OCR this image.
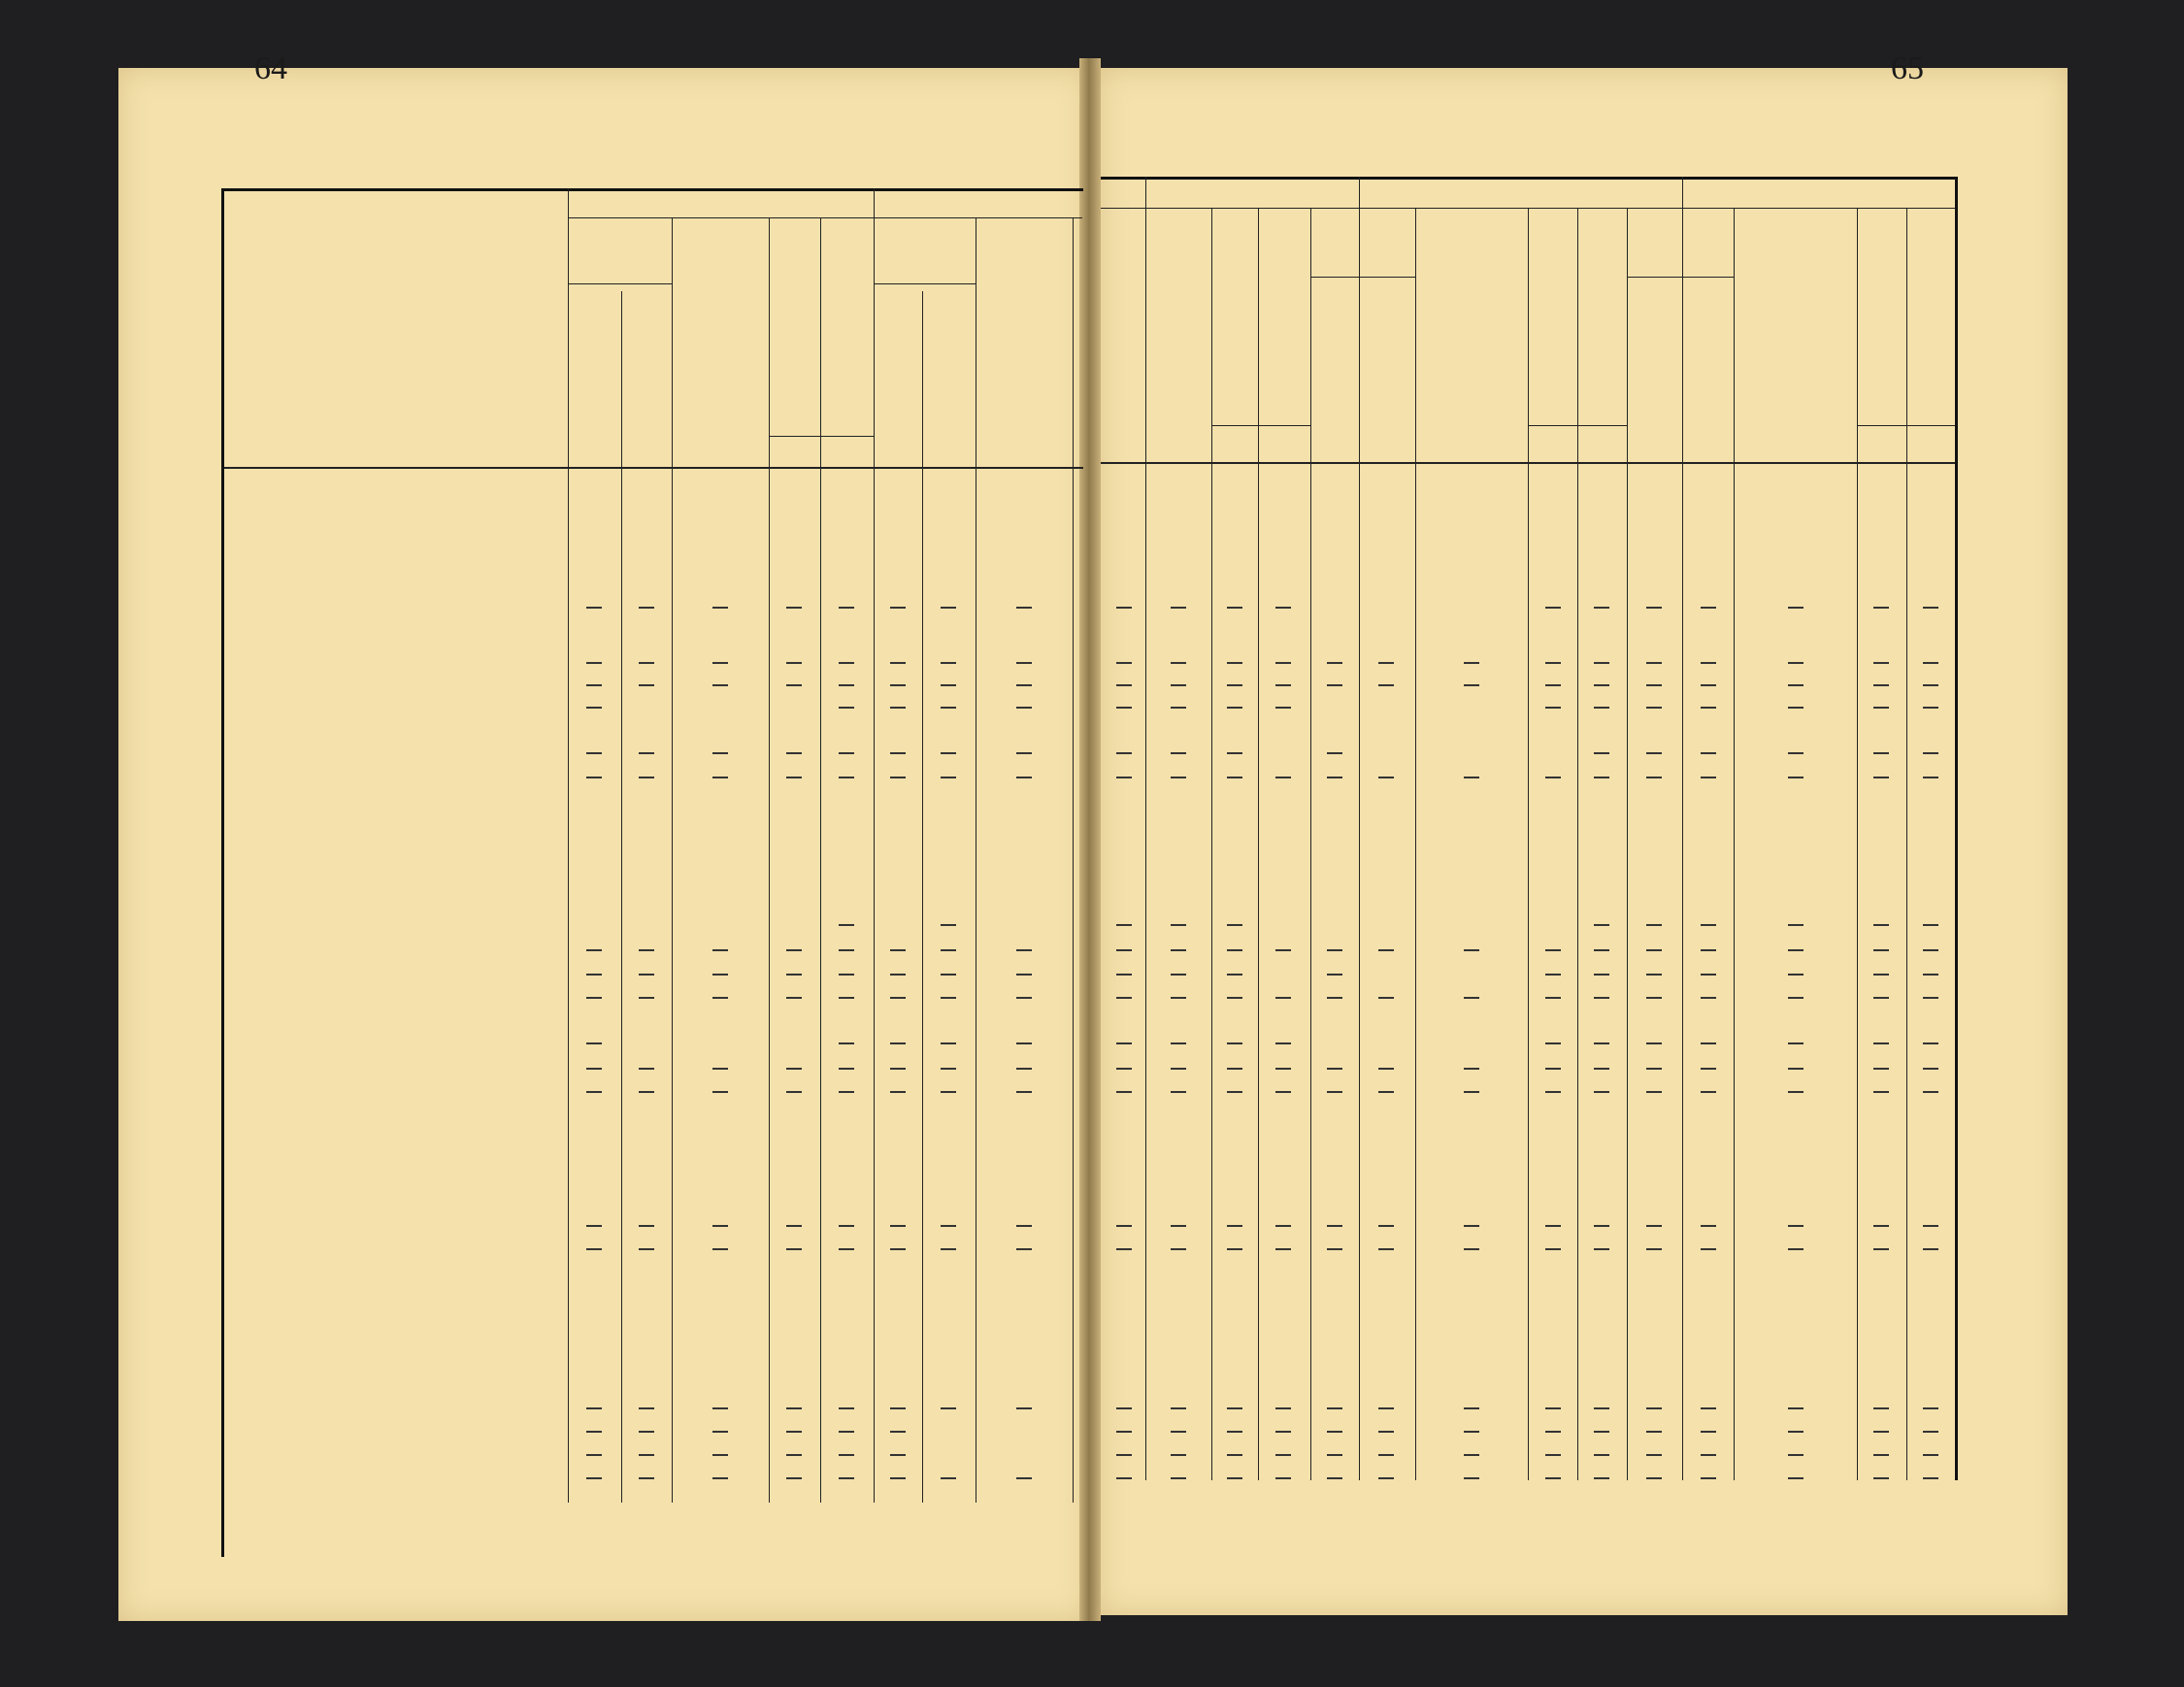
64	65
